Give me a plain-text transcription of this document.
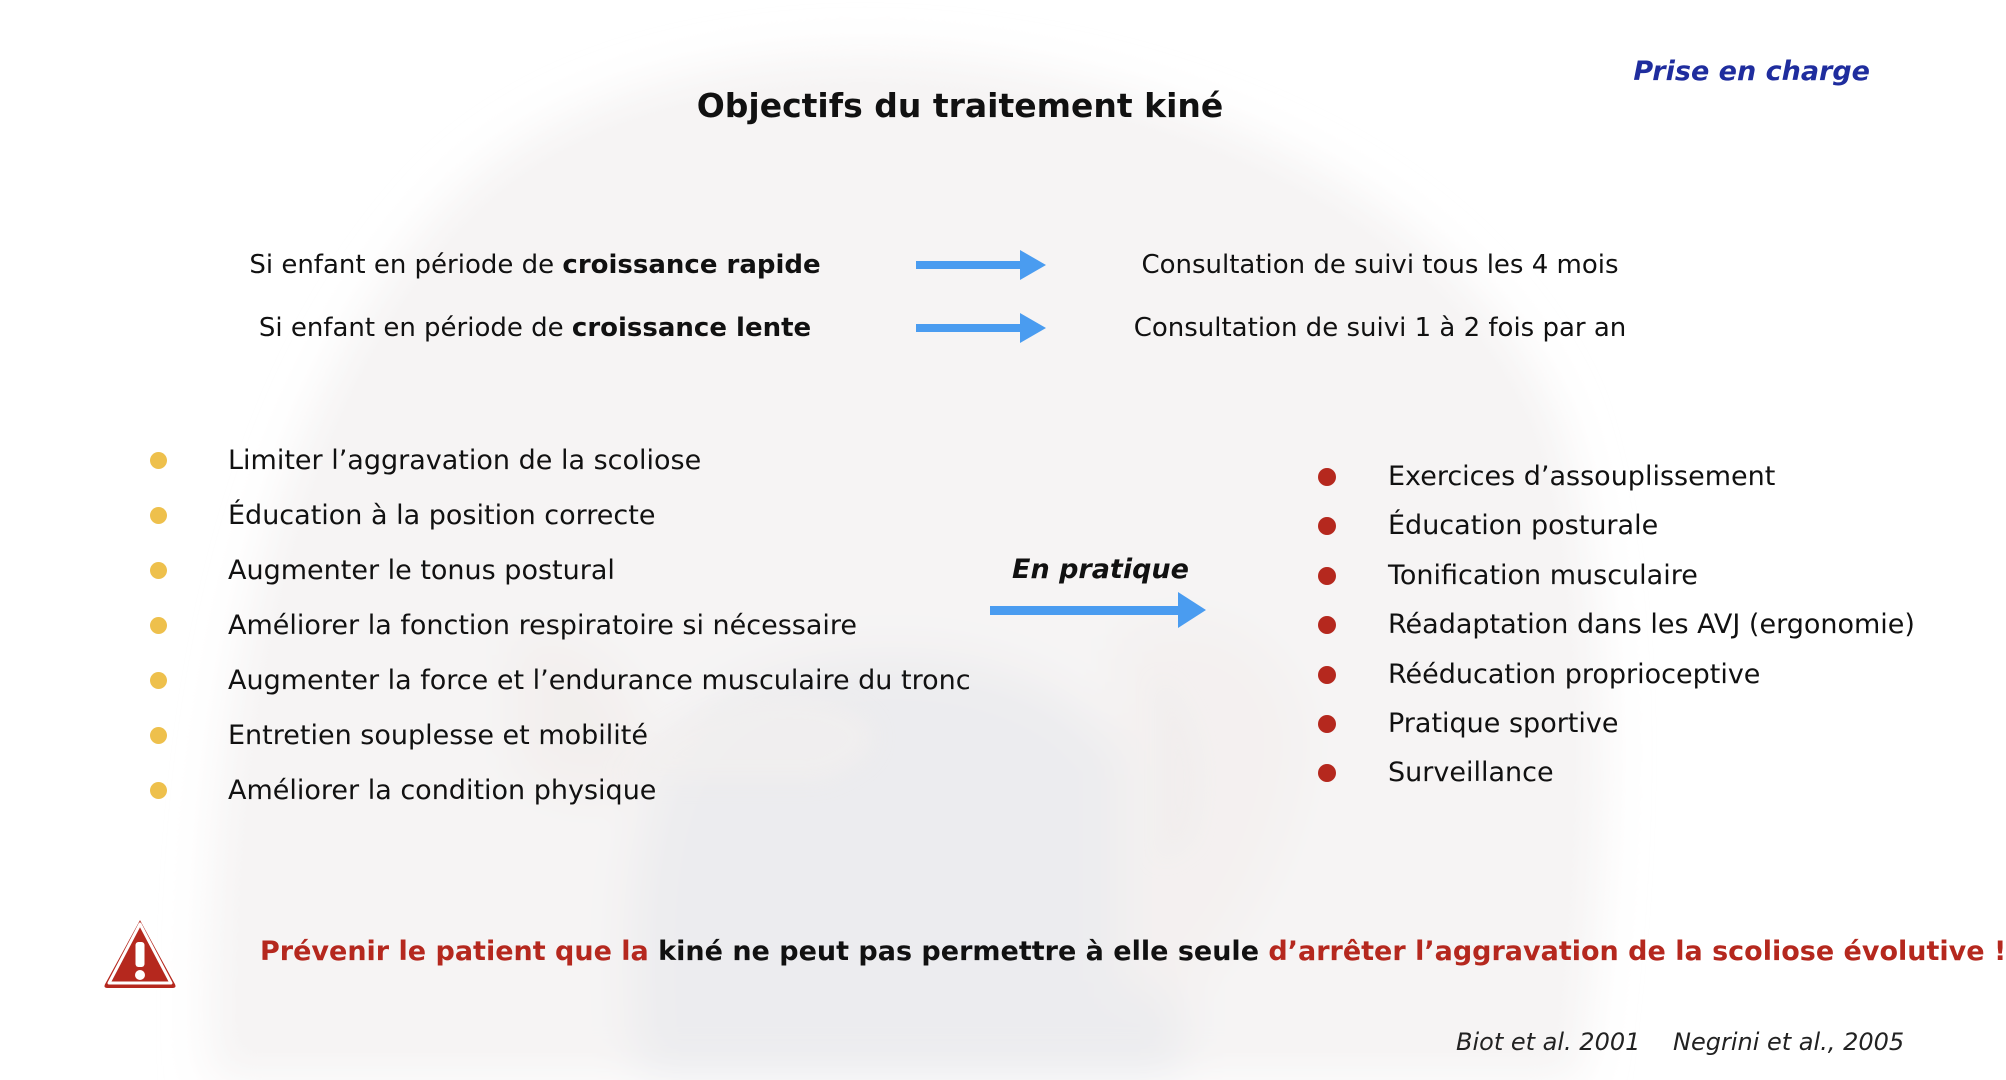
Prise en charge
Objectifs du traitement kiné
Si enfant en période de croissance rapide	Consultation de suivi tous les 4 mois
Si enfant en période de croissance lente	Consultation de suivi 1 à 2 fois par an
Limiter l’aggravation de la scoliose
Éducation à la position correcte
Augmenter le tonus postural
Améliorer la fonction respiratoire si nécessaire
Augmenter la force et l’endurance musculaire du tronc
Entretien souplesse et mobilité
Améliorer la condition physique
En pratique
Exercices d’assouplissement
Éducation posturale
Tonification musculaire
Réadaptation dans les AVJ (ergonomie)
Rééducation proprioceptive
Pratique sportive
Surveillance
Prévenir le patient que la kiné ne peut pas permettre à elle seule d’arrêter l’aggravation de la scoliose évolutive !
Biot et al. 2001 Negrini et al., 2005
